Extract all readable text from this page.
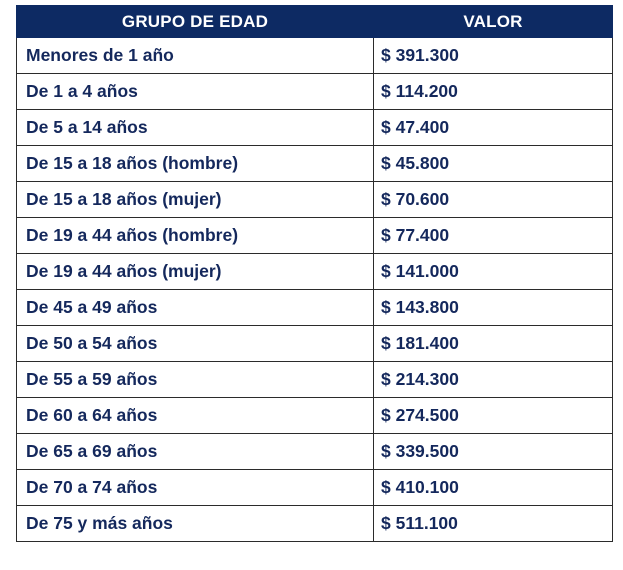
GRUPO DE EDAD	VALOR
Menores de 1 año	$ 391.300
De 1 a 4 años	$ 114.200
De 5 a 14 años	$ 47.400
De 15 a 18 años (hombre)	$ 45.800
De 15 a 18 años (mujer)	$ 70.600
De 19 a 44 años (hombre)	$ 77.400
De 19 a 44 años (mujer)	$ 141.000
De 45 a 49 años	$ 143.800
De 50 a 54 años	$ 181.400
De 55 a 59 años	$ 214.300
De 60 a 64 años	$ 274.500
De 65 a 69 años	$ 339.500
De 70 a 74 años	$ 410.100
De 75 y más años	$ 511.100
